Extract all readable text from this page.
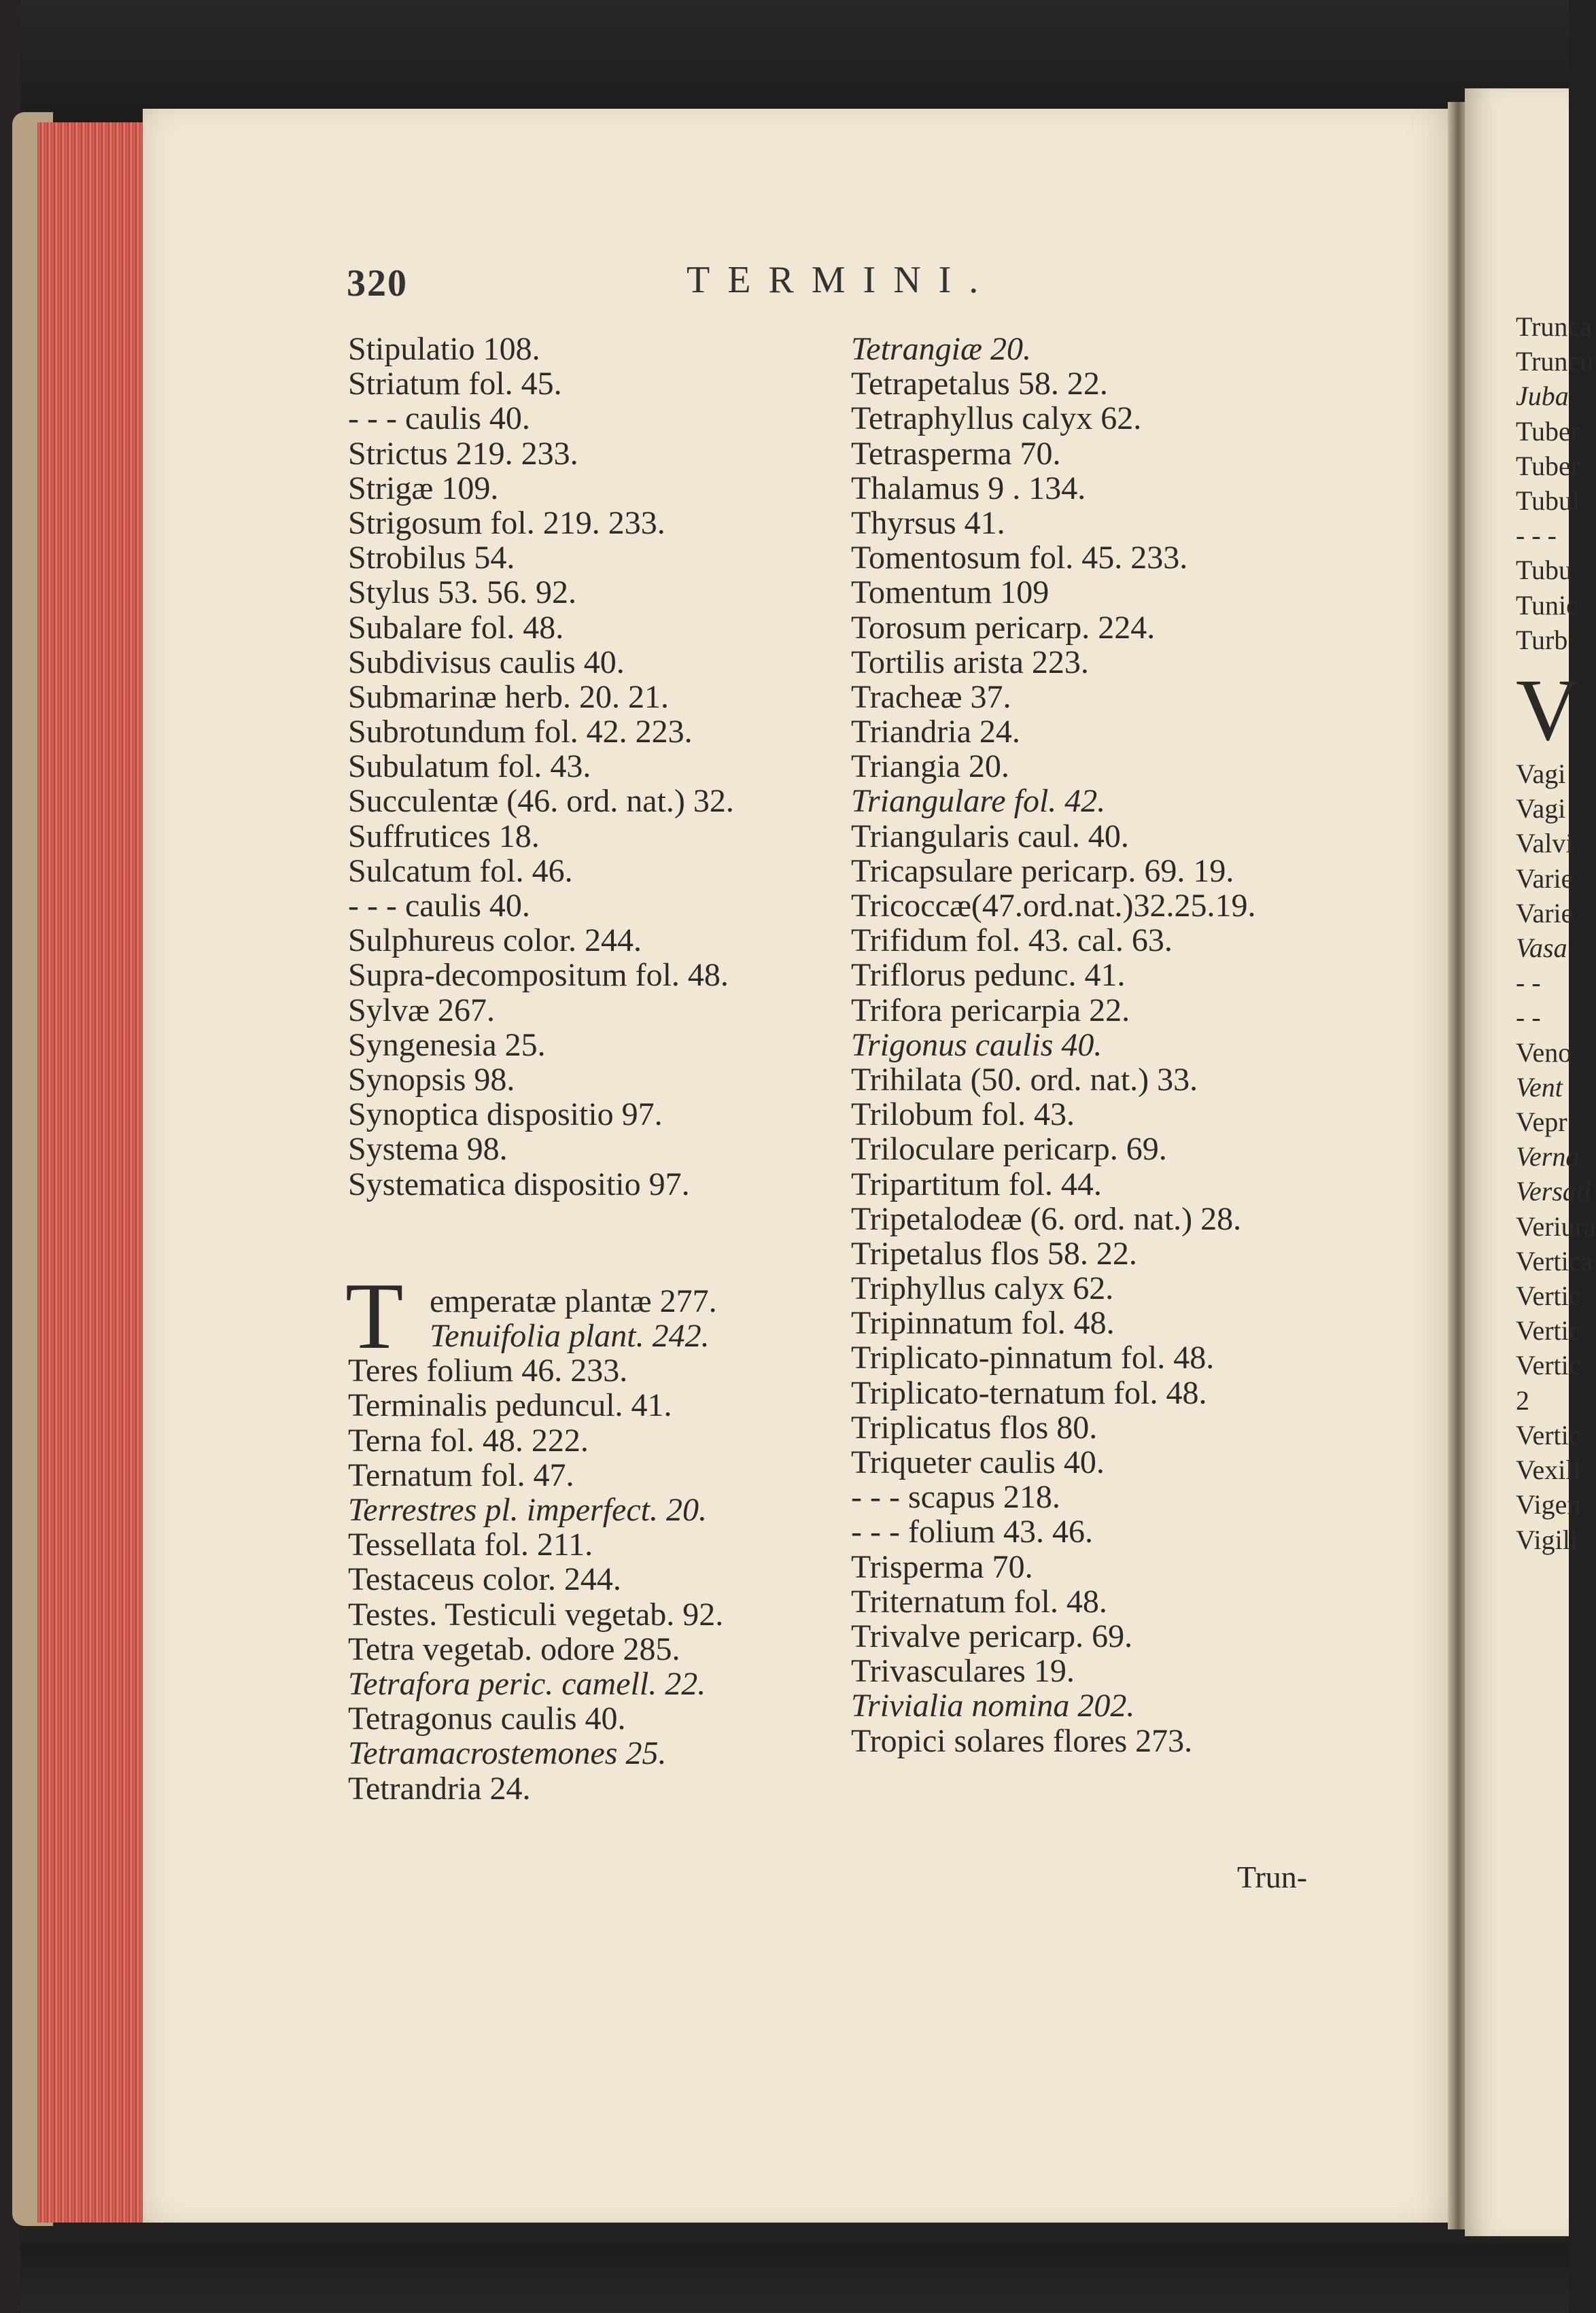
320	TERMINI.
Stipulatio 108.
Striatum fol. 45.
- - - caulis 40.
Strictus 219. 233.
Strigæ 109.
Strigosum fol. 219. 233.
Strobilus 54.
Stylus 53. 56. 92.
Subalare fol. 48.
Subdivisus caulis 40.
Submarinæ herb. 20. 21.
Subrotundum fol. 42. 223.
Subulatum fol. 43.
Succulentæ (46. ord. nat.) 32.
Suffrutices 18.
Sulcatum fol. 46.
- - - caulis 40.
Sulphureus color. 244.
Supra-decompositum fol. 48.
Sylvæ 267.
Syngenesia 25.
Synopsis 98.
Synoptica dispositio 97.
Systema 98.
Systematica dispositio 97.
T emperatæ plantæ 277.
Tenuifolia plant. 242.
Teres folium 46. 233.
Terminalis peduncul. 41.
Terna fol. 48. 222.
Ternatum fol. 47.
Terrestres pl. imperfect. 20.
Tessellata fol. 211.
Testaceus color. 244.
Testes. Testiculi vegetab. 92.
Tetra vegetab. odore 285.
Tetrafora peric. camell. 22.
Tetragonus caulis 40.
Tetramacrostemones 25.
Tetrandria 24.
Tetrangiæ 20.
Tetrapetalus 58. 22.
Tetraphyllus calyx 62.
Tetrasperma 70.
Thalamus 9 . 134.
Thyrsus 41.
Tomentosum fol. 45. 233.
Tomentum 109
Torosum pericarp. 224.
Tortilis arista 223.
Tracheæ 37.
Triandria 24.
Triangia 20.
Triangulare fol. 42.
Triangularis caul. 40.
Tricapsulare pericarp. 69. 19.
Tricoccæ(47.ord.nat.)32.25.19.
Trifidum fol. 43. cal. 63.
Triflorus pedunc. 41.
Trifora pericarpia 22.
Trigonus caulis 40.
Trihilata (50. ord. nat.) 33.
Trilobum fol. 43.
Triloculare pericarp. 69.
Tripartitum fol. 44.
Tripetalodeæ (6. ord. nat.) 28.
Tripetalus flos 58. 22.
Triphyllus calyx 62.
Tripinnatum fol. 48.
Triplicato-pinnatum fol. 48.
Triplicato-ternatum fol. 48.
Triplicatus flos 80.
Triqueter caulis 40.
- - - scapus 218.
- - - folium 43. 46.
Trisperma 70.
Triternatum fol. 48.
Trivalve pericarp. 69.
Trivasculares 19.
Trivialia nomina 202.
Tropici solares flores 273.
Trun-
Trunca
Truncu
Juba
Tuber
Tuber
Tubul
- - -
Tubu
Tunic
Turb
V
Vagi
Vagi
Valvi
Varie
Varie
Vasa
- -
- -
Veno
Vent
Vepr
Verna
Versati
Veriura
Vertica
Vertic
Vertic
Vertic
2
Vertic
Vexill
Vigen
Vigili
